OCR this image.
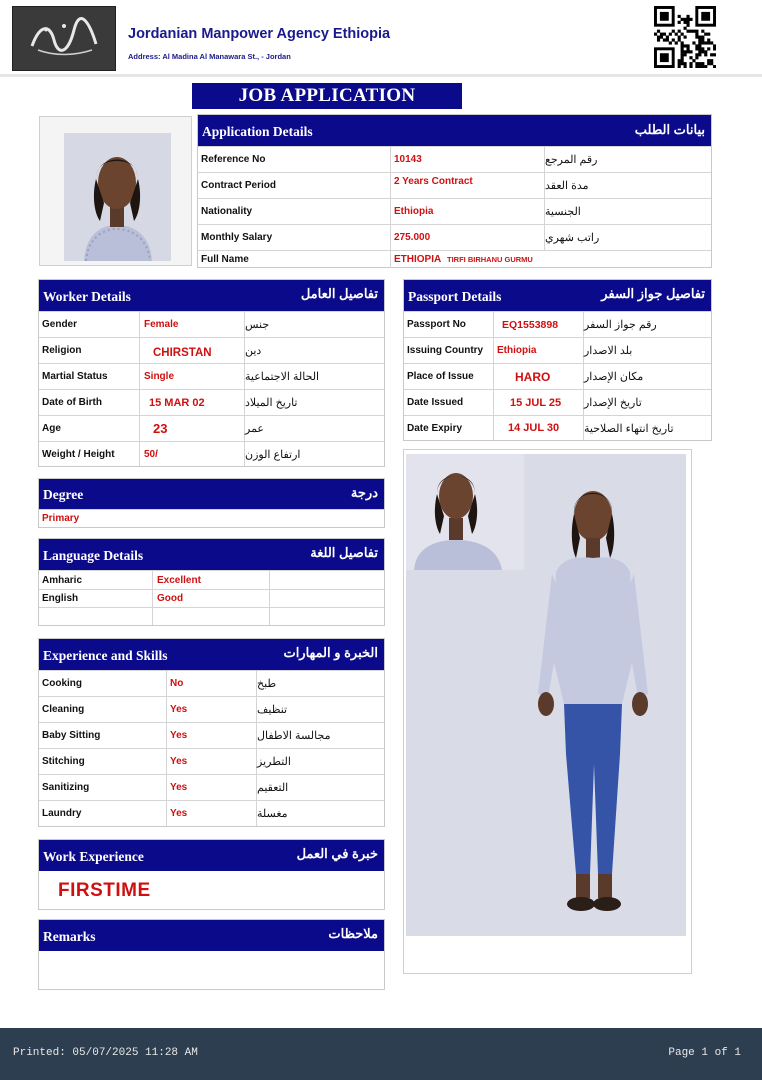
Jordanian Manpower Agency Ethiopia
Address: Al Madina Al Manawara St., - Jordan
JOB APPLICATION
Application Details	بيانات الطلب
Reference No	10143	رقم المرجع
Contract Period	2 Years Contract	مدة العقد
Nationality	Ethiopia	الجنسية
Monthly Salary	275.000	راتب شهري
Full Name	ETHIOPIA TIRFI BIRHANU GURMU
Worker Details	تفاصيل العامل
Gender	Female	جنس
Religion	CHIRSTAN	دين
Martial Status	Single	الحالة الاجتماعية
Date of Birth	15 MAR 02	تاريخ الميلاد
Age	23	عمر
Weight / Height	50/	ارتفاع الوزن
Passport Details	تفاصيل جواز السفر
Passport No	EQ1553898	رقم جواز السفر
Issuing Country	Ethiopia	بلد الاصدار
Place of Issue	HARO	مكان الإصدار
Date Issued	15 JUL 25	تاريخ الإصدار
Date Expiry	14 JUL 30	تاريخ انتهاء الصلاحية
Degree	درجة
Primary
Language Details	تفاصيل اللغة
Amharic	Excellent
English	Good
Experience and Skills	الخبرة و المهارات
Cooking	No	طبخ
Cleaning	Yes	تنظيف
Baby Sitting	Yes	مجالسة الاطفال
Stitching	Yes	التطريز
Sanitizing	Yes	التعقيم
Laundry	Yes	مغسلة
Work Experience	خبرة في العمل
FIRSTIME
Remarks	ملاحظات
Printed: 05/07/2025 11:28 AM	Page 1 of 1
